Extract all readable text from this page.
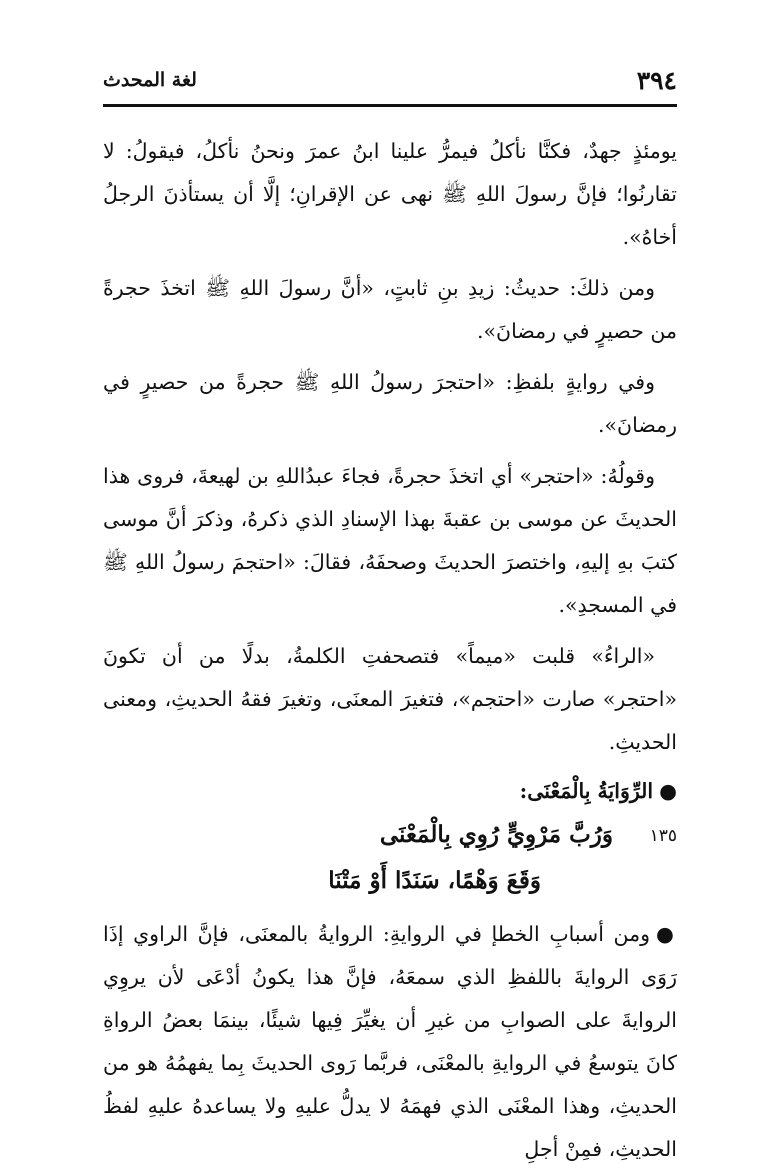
٣٩٤
لغة المحدث

يومئذٍ جهدٌ، فكنَّا نأكلُ فيمرُّ علينا ابنُ عمرَ ونحنُ نأكلُ، فيقولُ: لا تقارنُوا؛ فإنَّ رسولَ اللهِ ﷺ نهى عن الإقرانِ؛ إلَّا أن يستأذنَ الرجلُ أخاهُ».

ومن ذلكَ: حديثُ: زيدِ بنِ ثابتٍ، «أنَّ رسولَ اللهِ ﷺ اتخذَ حجرةً من حصيرٍ في رمضانَ».

وفي روايةٍ بلفظِ: «احتجرَ رسولُ اللهِ ﷺ حجرةً من حصيرٍ في رمضانَ».

وقولُهُ: «احتجر» أي اتخذَ حجرةً، فجاءَ عبدُاللهِ بن لهيعةَ، فروى هذا الحديثَ عن موسى بن عقبةَ بهذا الإسنادِ الذي ذكرهُ، وذكرَ أنَّ موسى كتبَ بهِ إليهِ، واختصرَ الحديثَ وصحفَهُ، فقالَ: «احتجمَ رسولُ اللهِ ﷺ في المسجدِ».

«الراءُ» قلبت «ميماً» فتصحفتِ الكلمةُ، بدلًا من أن تكونَ «احتجر» صارت «احتجم»، فتغيرَ المعنَى، وتغيرَ فقهُ الحديثِ، ومعنى الحديثِ.

●الرِّوَايَةُ بِالْمَعْنَى:

١٣٥
وَرُبَّ مَرْوِيٍّ رُوِي بِالْمَعْنَى
وَقَعَ وَهْمًا، سَنَدًا أَوْ مَتْنَا

●ومن أسبابِ الخطإ في الروايةِ: الروايةُ بالمعنَى، فإنَّ الراوي إذَا رَوَى الروايةَ باللفظِ الذي سمعَهُ، فإنَّ هذا يكونُ أدْعَى لأن يروِي الروايةَ على الصوابِ من غيرِ أن يغيِّرَ فِيها شيئًا، بينمَا بعضُ الرواةِ كانَ يتوسعُ في الروايةِ بالمعْنَى، فربَّما رَوى الحديثَ بِما يفهمُهُ هو من الحديثِ، وهذا المعْنَى الذي فهمَهُ لا يدلُّ عليهِ ولا يساعدهُ عليهِ لفظُ الحديثِ، فمِنْ أجلِ
